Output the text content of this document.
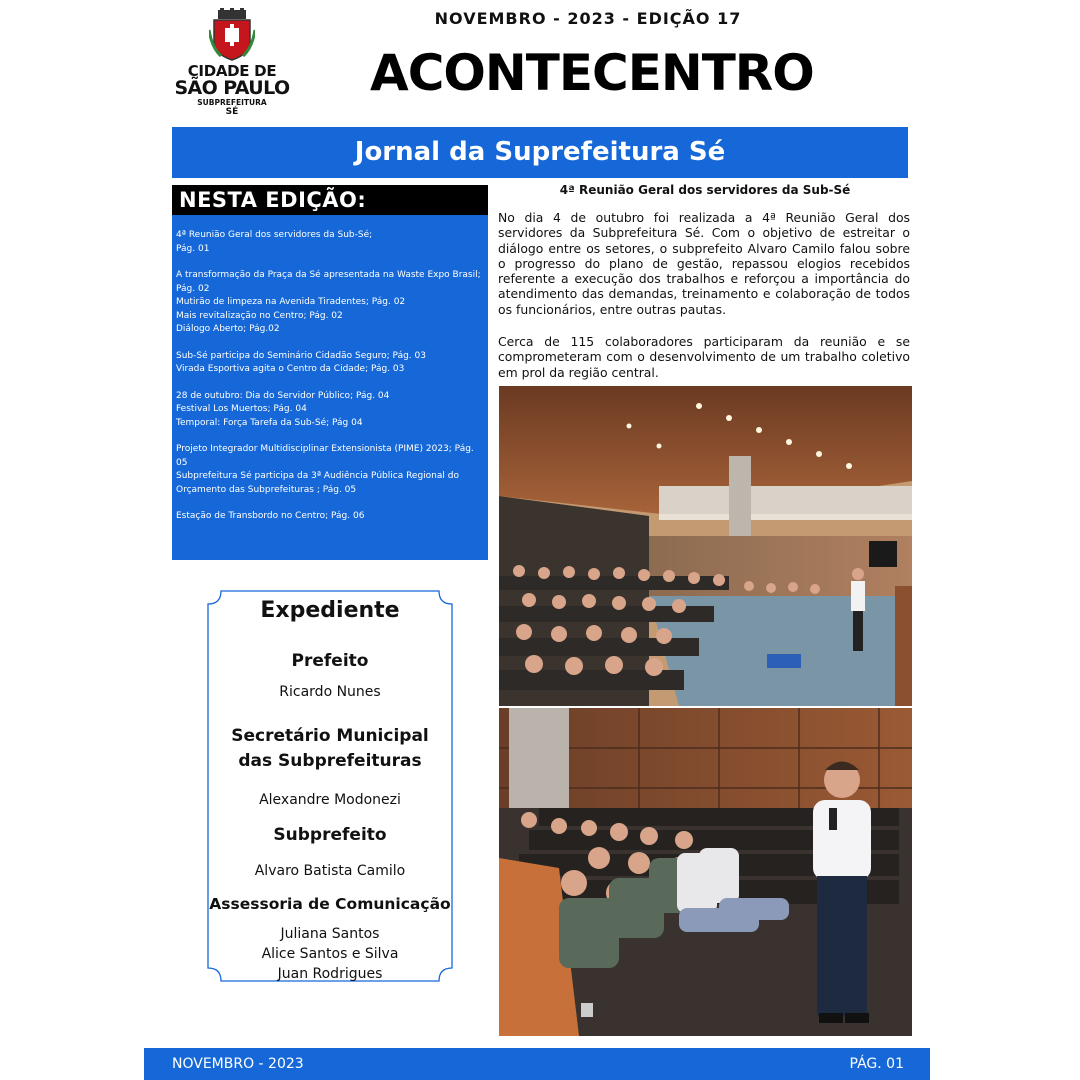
CIDADE DE
SÃO PAULO
SUBPREFEITURA
SÉ
NOVEMBRO - 2023 - EDIÇÃO 17
ACONTECENTRO
Jornal da Suprefeitura Sé
NESTA EDIÇÃO:
4ª Reunião Geral dos servidores da Sub-Sé;
Pág. 01
A transformação da Praça da Sé apresentada na Waste Expo Brasil; Pág. 02
Mutirão de limpeza na Avenida Tiradentes; Pág. 02
Mais revitalização no Centro; Pág. 02
Diálogo Aberto; Pág.02
Sub-Sé participa do Seminário Cidadão Seguro; Pág. 03
Virada Esportiva agita o Centro da Cidade; Pág. 03
28 de outubro: Dia do Servidor Público; Pág. 04
Festival Los Muertos; Pág. 04
Temporal: Força Tarefa da Sub-Sé; Pág 04
Projeto Integrador Multidisciplinar Extensionista (PIME) 2023; Pág. 05
Subprefeitura Sé participa da 3ª Audiência Pública Regional do Orçamento das Subprefeituras ; Pág. 05
Estação de Transbordo no Centro; Pág. 06
Expediente
Prefeito
Ricardo Nunes
Secretário Municipal
das Subprefeituras
Alexandre Modonezi
Subprefeito
Alvaro Batista Camilo
Assessoria de Comunicação
Juliana Santos
Alice Santos e Silva
Juan Rodrigues
4ª Reunião Geral dos servidores da Sub-Sé
No dia 4 de outubro foi realizada a 4ª Reunião Geral dos servidores da Subprefeitura Sé. Com o objetivo de estreitar o diálogo entre os setores, o subprefeito Alvaro Camilo falou sobre o progresso do plano de gestão, repassou elogios recebidos referente a execução dos trabalhos e reforçou a importância do atendimento das demandas, treinamento e colaboração de todos os funcionários, entre outras pautas.
Cerca de 115 colaboradores participaram da reunião e se comprometeram com o desenvolvimento de um trabalho coletivo em prol da região central.
NOVEMBRO - 2023	PÁG. 01
